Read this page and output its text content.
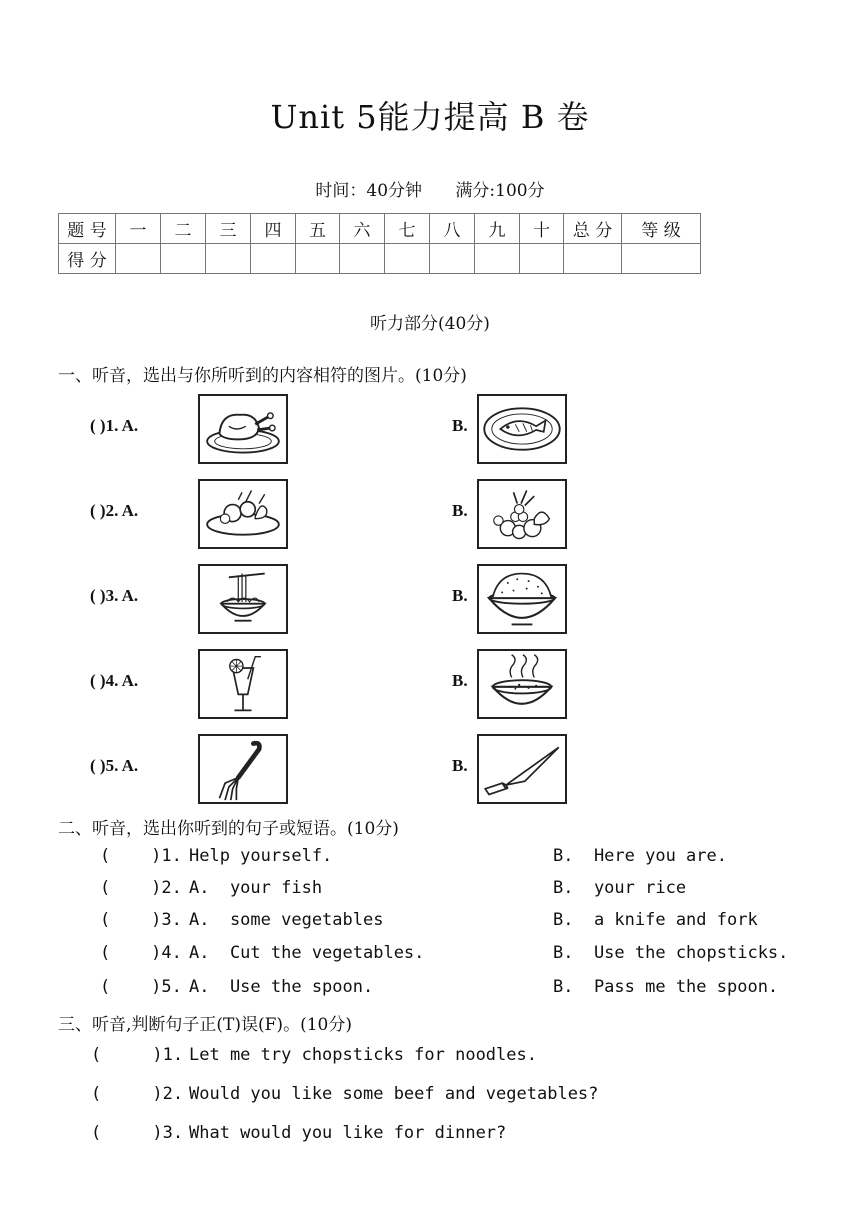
Unit 5能力提高 B 卷
时间：40分钟 满分:100分
题 号	一	二	三	四	五	六	七	八	九	十	总 分	等 级
得 分												
听力部分(40分)
一、听音，选出与你所听到的内容相符的图片。(10分)
( )1. A.	B.
( )2. A.	B.
( )3. A.	B.
( )4. A.	B.
( )5. A.	B.
二、听音，选出你听到的句子或短语。(10分)
(    )1. Help yourself.	B.  Here you are.
(    )2. A.  your fish	B.  your rice
(    )3. A.  some vegetables	B.  a knife and fork
(    )4. A.  Cut the vegetables.	B.  Use the chopsticks.
(    )5. A.  Use the spoon.	B.  Pass me the spoon.
三、听音,判断句子正(T)误(F)。(10分)
(     )1. Let me try chopsticks for noodles.
(     )2. Would you like some beef and vegetables?
(     )3. What would you like for dinner?
